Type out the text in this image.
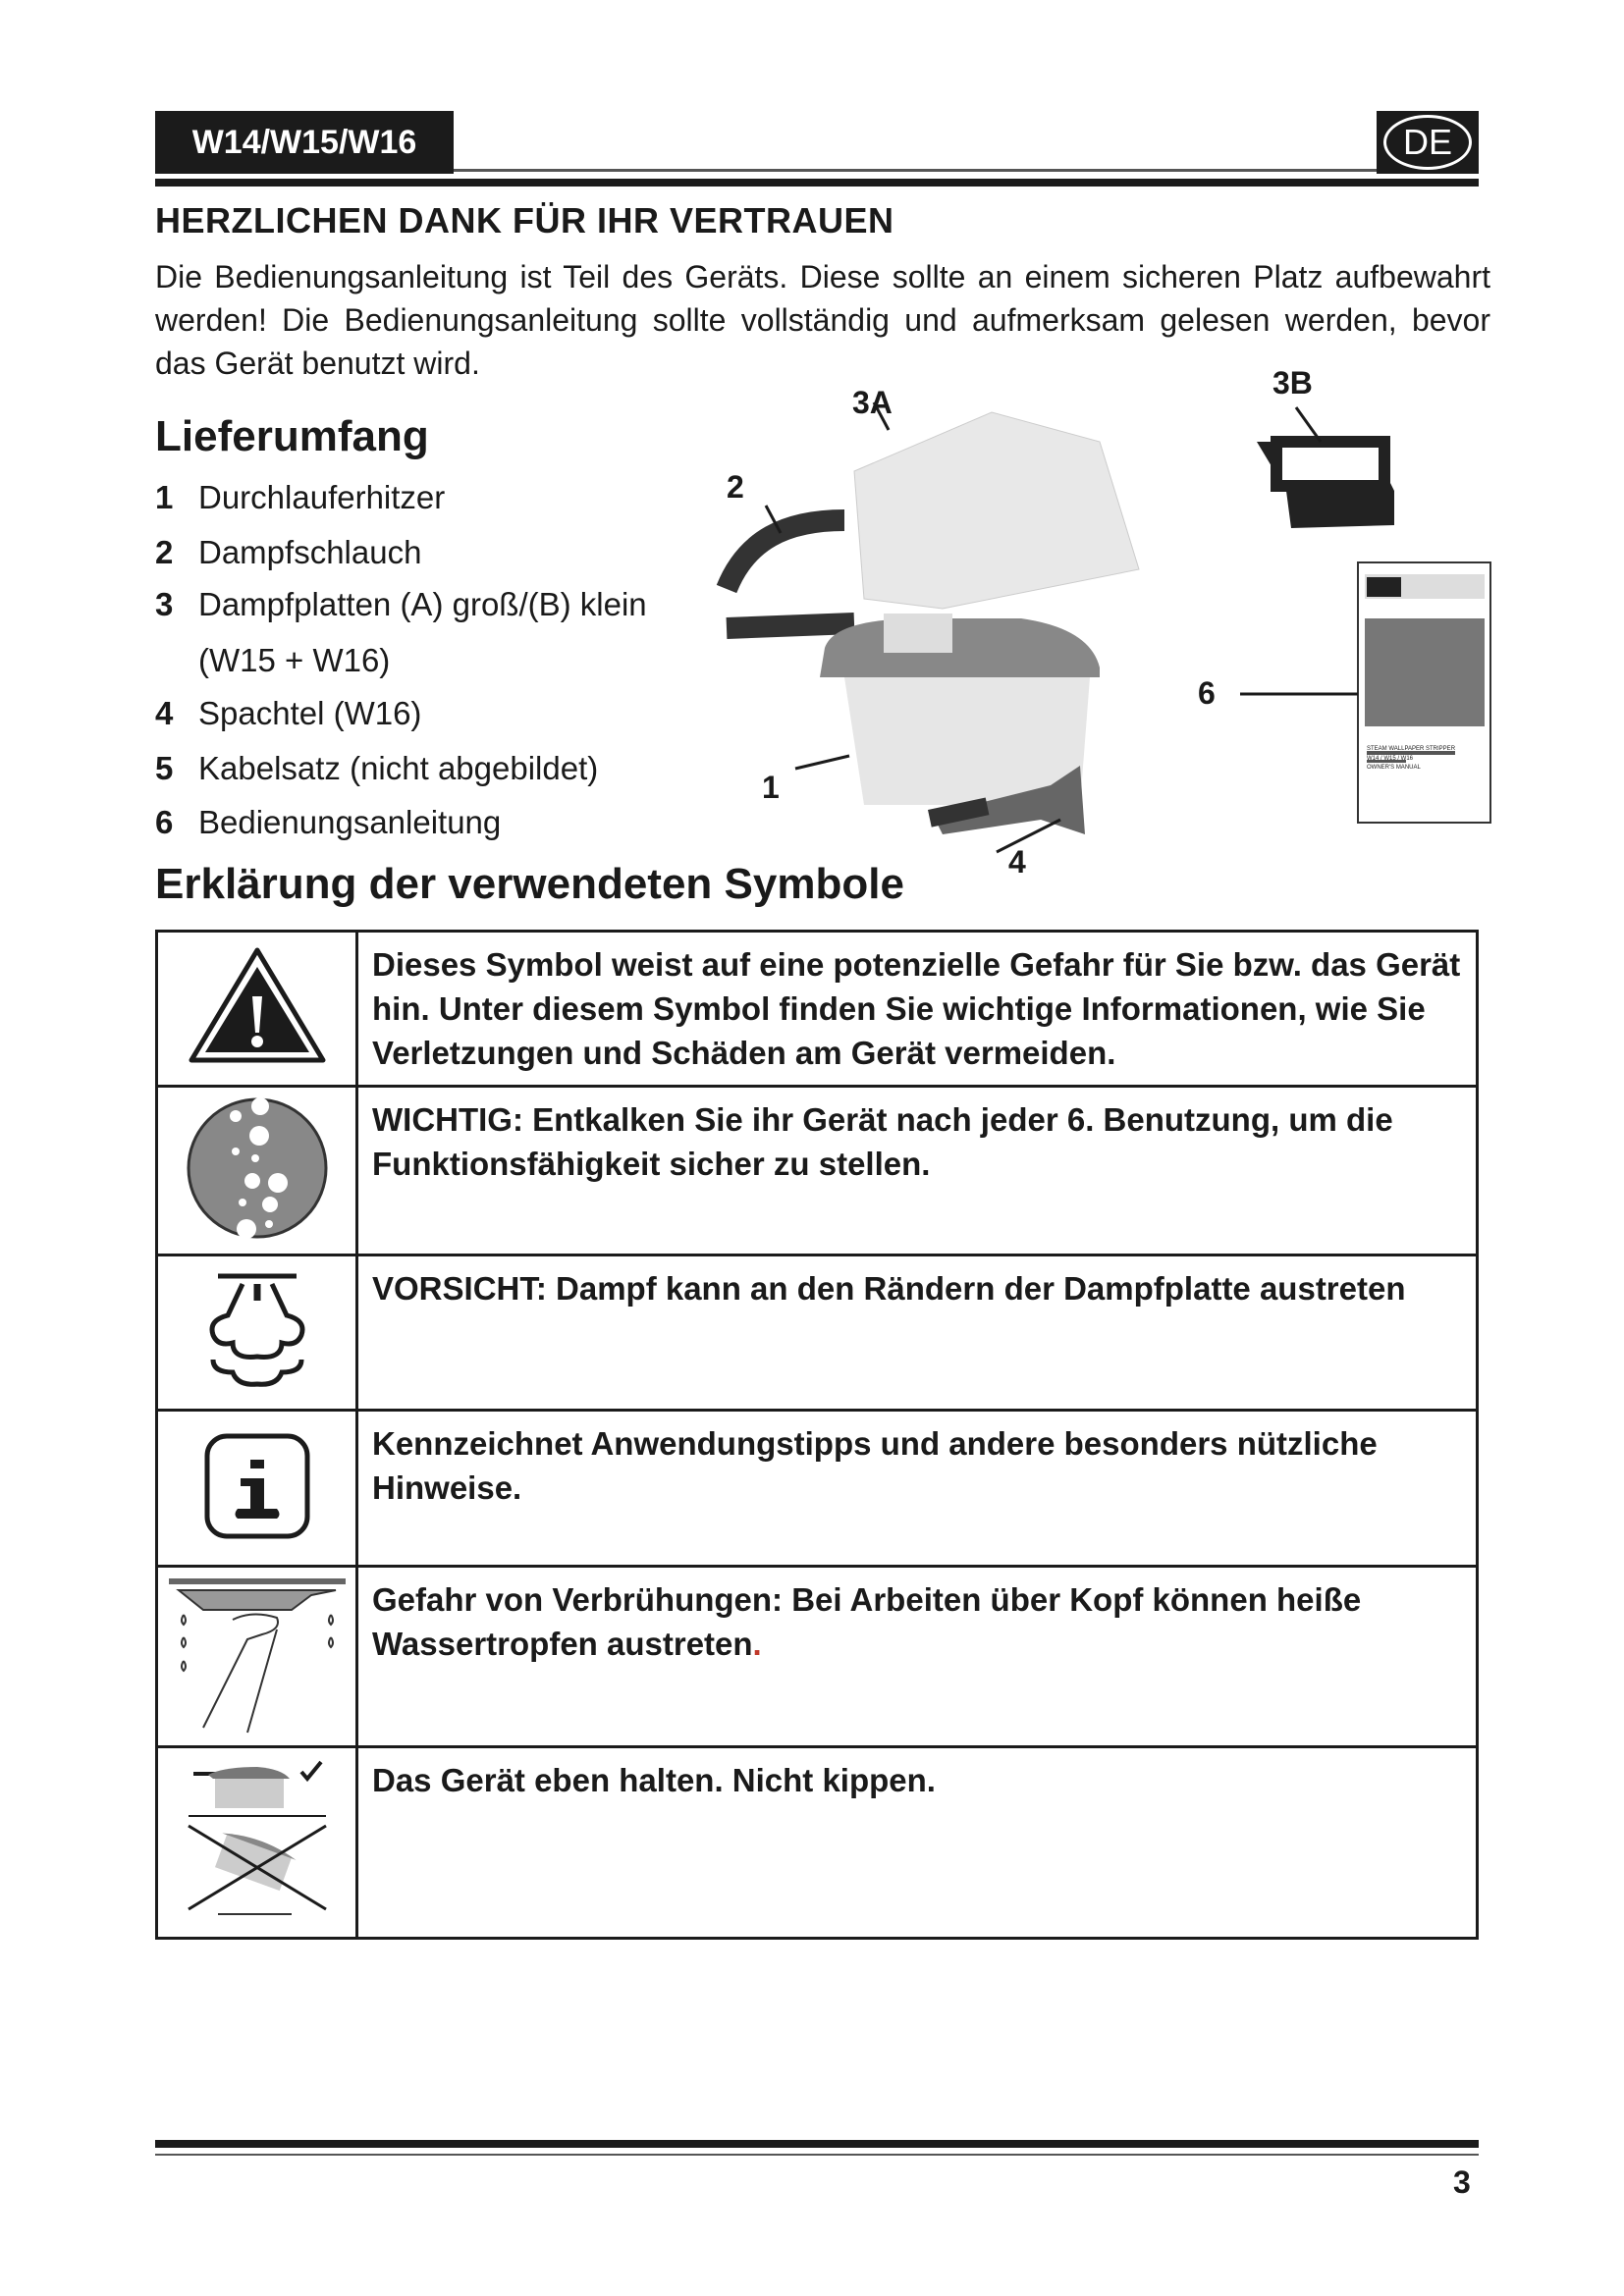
W14/W15/W16	DE
HERZLICHEN DANK FÜR IHR VERTRAUEN

Die Bedienungsanleitung ist Teil des Geräts. Diese sollte an einem sicheren Platz aufbewahrt werden! Die Bedienungsanleitung sollte vollständig und aufmerksam gelesen werden, bevor das Gerät benutzt wird.

Lieferumfang
1 Durchlauferhitzer
2 Dampfschlauch
3 Dampfplatten (A) groß/(B) klein
(W15 + W16)
4 Spachtel (W16)
5 Kabelsatz (nicht abgebildet)
6 Bedienungsanleitung
3A
3B
2
1
4
6
WAGNER
STEAM WALLPAPER STRIPPER
W14 / W15 / W16
OWNER'S MANUAL
Erklärung der verwendeten Symbole
	Dieses Symbol weist auf eine potenzielle Gefahr für Sie bzw. das Gerät hin. Unter diesem Symbol finden Sie wichtige Informationen, wie Sie Verletzungen und Schäden am Gerät vermeiden.
	WICHTIG: Entkalken Sie ihr Gerät nach jeder 6. Benutzung, um die Funktionsfähigkeit sicher zu stellen.
	VORSICHT: Dampf kann an den Rändern der Dampfplatte austreten
	Kennzeichnet Anwendungstipps und andere besonders nützliche Hinweise.
	Gefahr von Verbrühungen: Bei Arbeiten über Kopf können heiße Wassertropfen austreten.
	Das Gerät eben halten. Nicht kippen.
3
